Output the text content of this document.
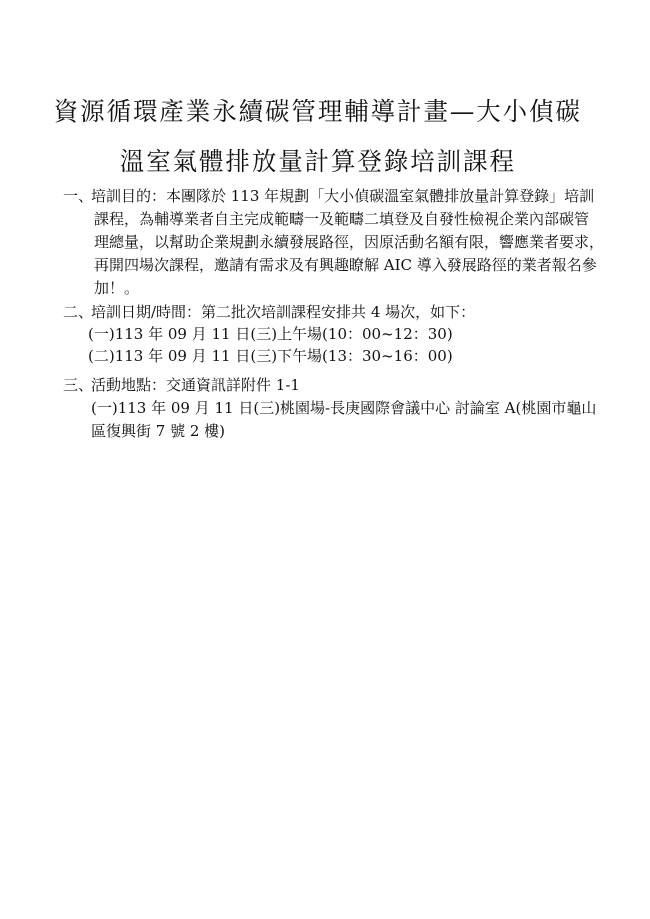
資源循環產業永續碳管理輔導計畫—大小偵碳
溫室氣體排放量計算登錄培訓課程
一、
培訓目的：本團隊於 113 年規劃「大小偵碳溫室氣體排放量計算登錄」培訓
課程，為輔導業者自主完成範疇一及範疇二填登及自發性檢視企業內部碳管
理總量，以幫助企業規劃永續發展路徑，因原活動名額有限，響應業者要求，
再開四場次課程，邀請有需求及有興趣瞭解 AIC 導入發展路徑的業者報名參
加！。
二、
培訓日期/時間：第二批次培訓課程安排共 4 場次，如下：
(一)113 年 09 月 11 日(三)上午場(10：00~12：30)
(二)113 年 09 月 11 日(三)下午場(13：30~16：00)
三、
活動地點：交通資訊詳附件 1-1
(一)113 年 09 月 11 日(三)桃園場-長庚國際會議中心 討論室 A(桃園市龜山
區復興街 7 號 2 樓)
